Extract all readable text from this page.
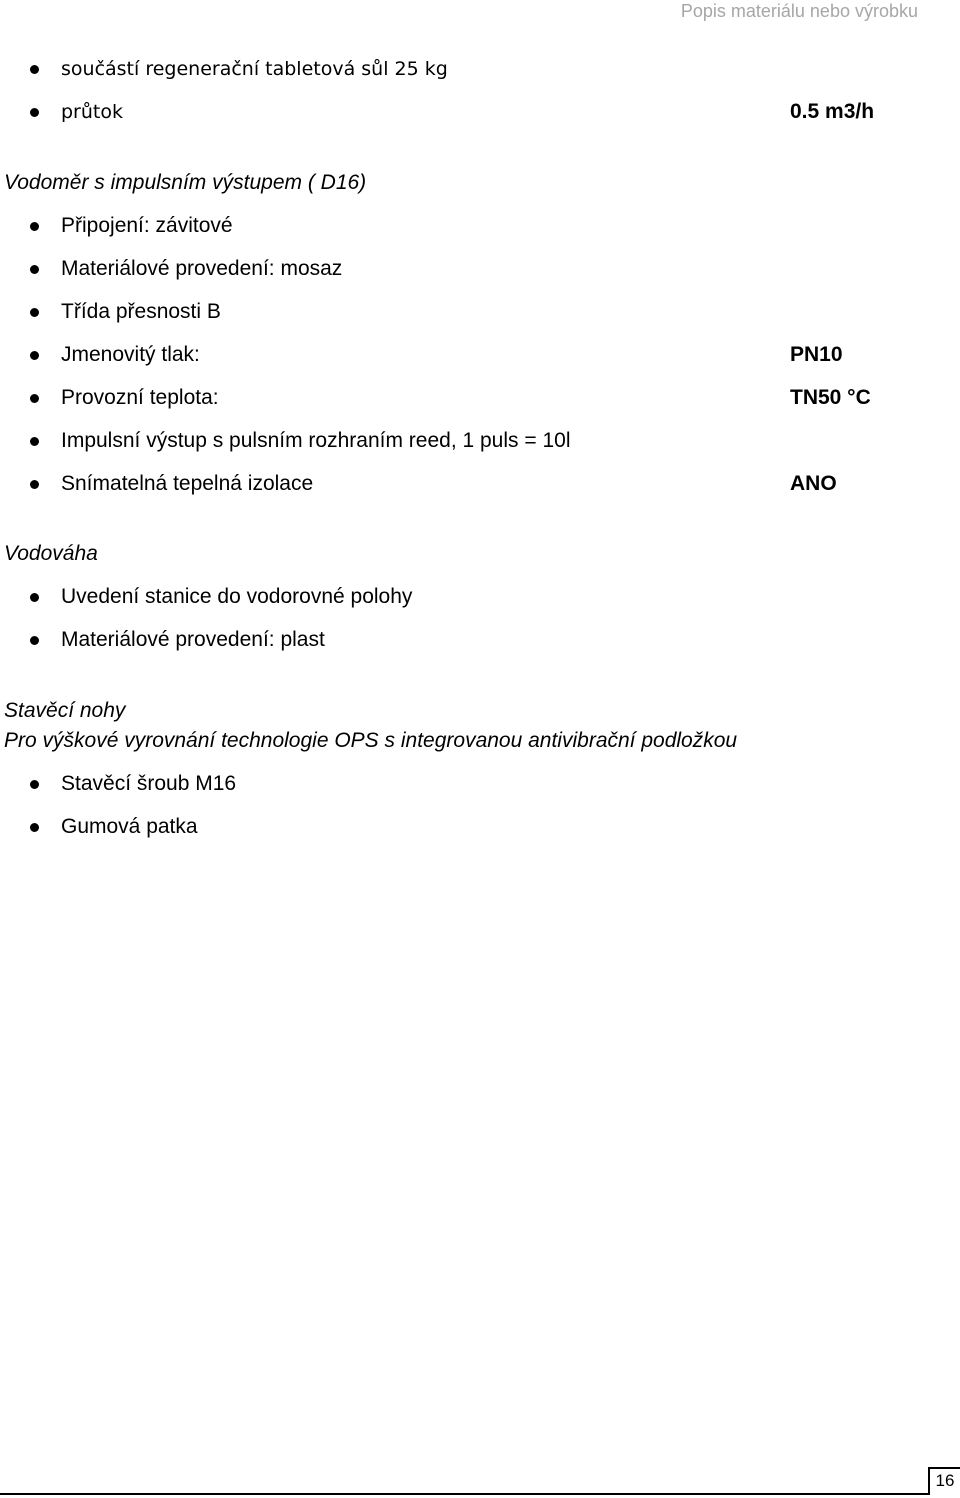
Popis materiálu nebo výrobku
součástí regenerační tabletová sůl 25 kg
průtok	0.5 m3/h
Vodoměr s impulsním výstupem ( D16)
Připojení: závitové
Materiálové provedení: mosaz
Třída přesnosti B
Jmenovitý tlak:	PN10
Provozní teplota:	TN50 °C
Impulsní výstup s pulsním rozhraním reed, 1 puls = 10l
Snímatelná tepelná izolace	ANO
Vodováha
Uvedení stanice do vodorovné polohy
Materiálové provedení: plast
Stavěcí nohy
Pro výškové vyrovnání technologie OPS s integrovanou antivibrační podložkou
Stavěcí šroub M16
Gumová patka
16
